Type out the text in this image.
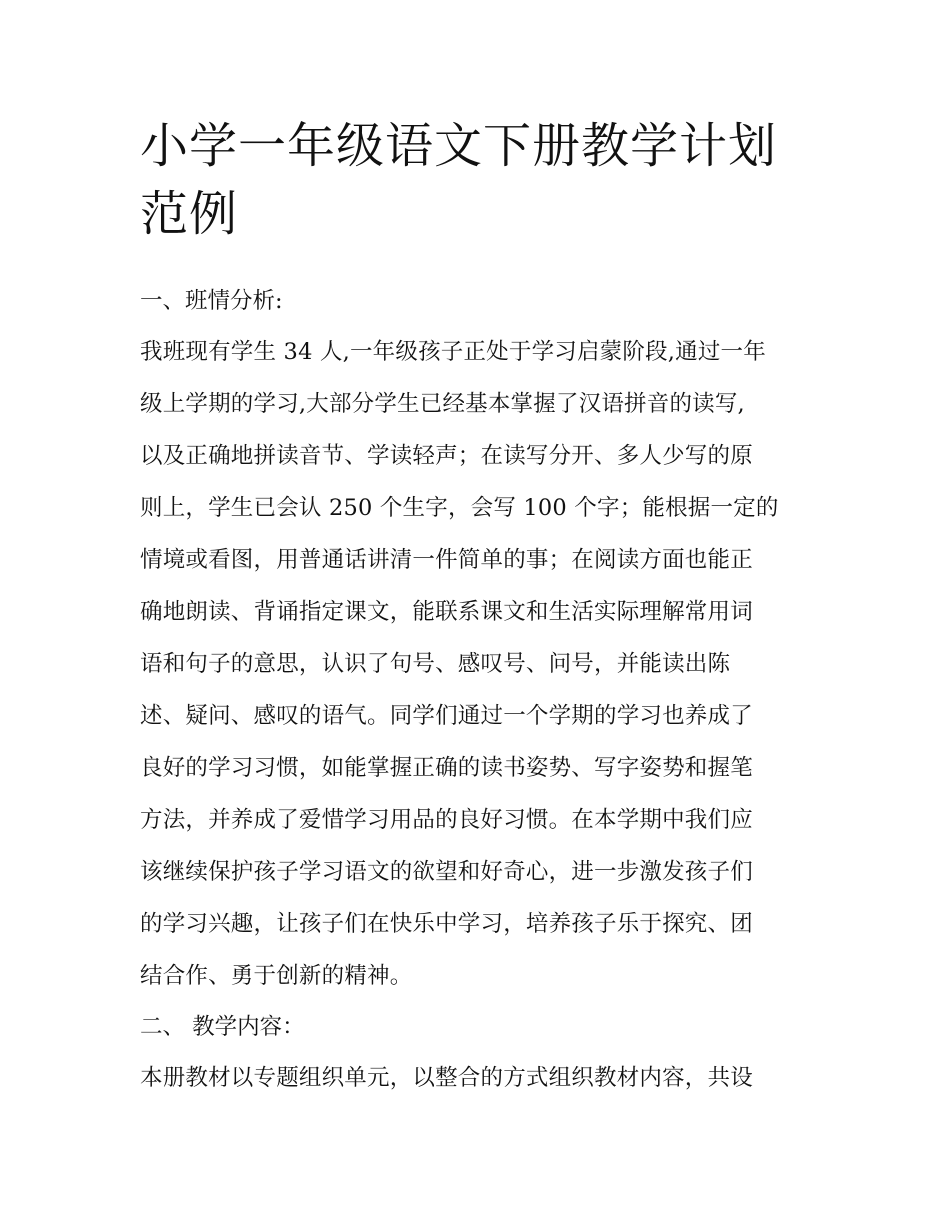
小学一年级语文下册教学计划
范例

一、班情分析:

我班现有学生 34 人,一年级孩子正处于学习启蒙阶段,通过一年
级上学期的学习,大部分学生已经基本掌握了汉语拼音的读写,
以及正确地拼读音节、学读轻声；在读写分开、多人少写的原
则上，学生已会认 250 个生字，会写 100 个字；能根据一定的
情境或看图，用普通话讲清一件简单的事；在阅读方面也能正
确地朗读、背诵指定课文，能联系课文和生活实际理解常用词
语和句子的意思，认识了句号、感叹号、问号，并能读出陈
述、疑问、感叹的语气。同学们通过一个学期的学习也养成了
良好的学习习惯，如能掌握正确的读书姿势、写字姿势和握笔
方法，并养成了爱惜学习用品的良好习惯。在本学期中我们应
该继续保护孩子学习语文的欲望和好奇心，进一步激发孩子们
的学习兴趣，让孩子们在快乐中学习，培养孩子乐于探究、团
结合作、勇于创新的精神。

二、 教学内容：

本册教材以专题组织单元，以整合的方式组织教材内容，共设
